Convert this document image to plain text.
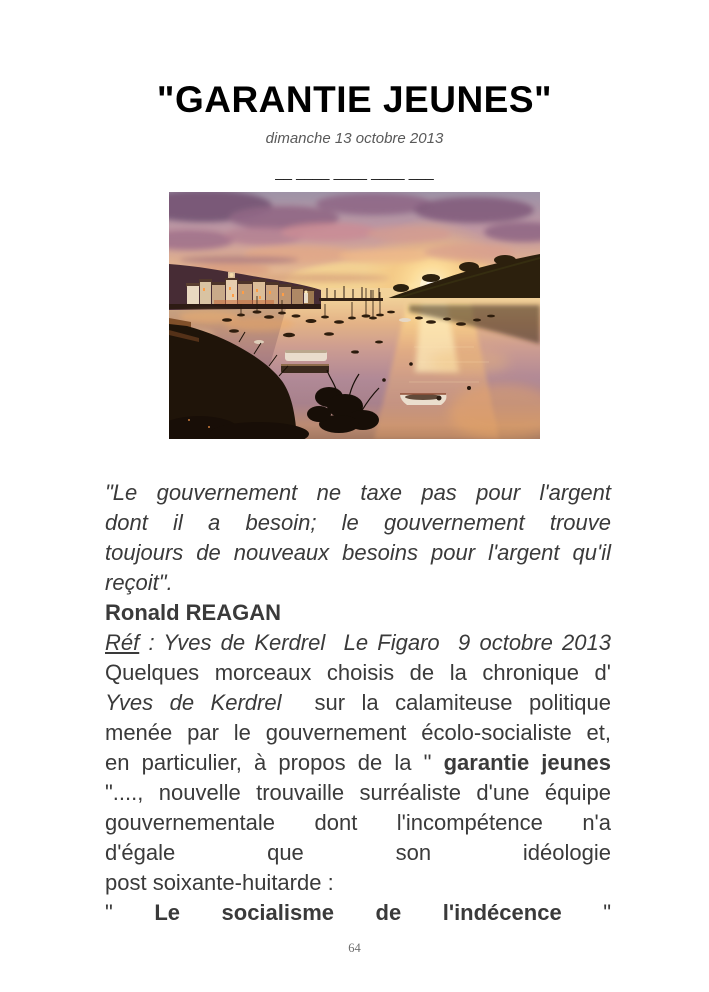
"GARANTIE JEUNES"
dimanche 13 octobre 2013
__ ____ ____ ____ ___
"Le gouvernement ne taxe pas pour l'argent
dont il a besoin; le gouvernement trouve
toujours de nouveaux besoins pour l'argent qu'il
reçoit".
Ronald REAGAN
Réf : Yves de Kerdrel  Le Figaro  9 octobre 2013
Quelques morceaux choisis de la chronique d'
Yves de Kerdrel  sur la calamiteuse politique
menée par le gouvernement écolo-socialiste et,
en particulier, à propos de la " garantie jeunes
"...., nouvelle trouvaille surréaliste d'une équipe
gouvernementale dont l'incompétence n'a
d'égale que son idéologie
post soixante-huitarde :
" Le socialisme de l'indécence "
64
